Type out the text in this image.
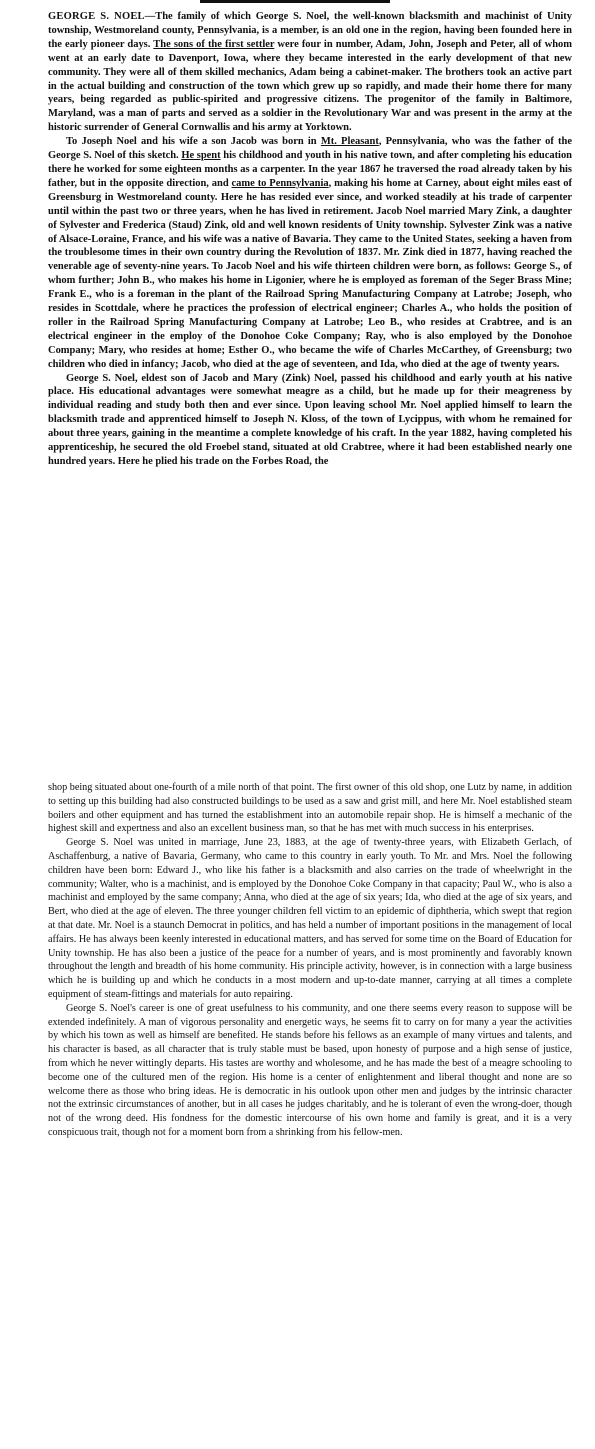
GEORGE S. NOEL—The family of which George S. Noel, the well-known blacksmith and machinist of Unity township, Westmoreland county, Pennsylvania, is a member, is an old one in the region, having been founded here in the early pioneer days. The sons of the first settler were four in number, Adam, John, Joseph and Peter, all of whom went at an early date to Davenport, Iowa, where they became interested in the early development of that new community. They were all of them skilled mechanics, Adam being a cabinet-maker. The brothers took an active part in the actual building and construction of the town which grew up so rapidly, and made their home there for many years, being regarded as public-spirited and progressive citizens. The progenitor of the family in Baltimore, Maryland, was a man of parts and served as a soldier in the Revolutionary War and was present in the army at the historic surrender of General Cornwallis and his army at Yorktown.

To Joseph Noel and his wife a son Jacob was born in Mt. Pleasant, Pennsylvania, who was the father of the George S. Noel of this sketch. He spent his childhood and youth in his native town, and after completing his education there he worked for some eighteen months as a carpenter. In the year 1867 he traversed the road already taken by his father, but in the opposite direction, and came to Pennsylvania, making his home at Carney, about eight miles east of Greensburg in Westmoreland county. Here he has resided ever since, and worked steadily at his trade of carpenter until within the past two or three years, when he has lived in retirement. Jacob Noel married Mary Zink, a daughter of Sylvester and Frederica (Staud) Zink, old and well known residents of Unity township. Sylvester Zink was a native of Alsace-Loraine, France, and his wife was a native of Bavaria. They came to the United States, seeking a haven from the troublesome times in their own country during the Revolution of 1837. Mr. Zink died in 1877, having reached the venerable age of seventy-nine years. To Jacob Noel and his wife thirteen children were born, as follows: George S., of whom further; John B., who makes his home in Ligonier, where he is employed as foreman of the Seger Brass Mine; Frank E., who is a foreman in the plant of the Railroad Spring Manufacturing Company at Latrobe; Joseph, who resides in Scottdale, where he practices the profession of electrical engineer; Charles A., who holds the position of roller in the Railroad Spring Manufacturing Company at Latrobe; Leo B., who resides at Crabtree, and is an electrical engineer in the employ of the Donohoe Coke Company; Ray, who is also employed by the Donohoe Company; Mary, who resides at home; Esther O., who became the wife of Charles McCarthey, of Greensburg; two children who died in infancy; Jacob, who died at the age of seventeen, and Ida, who died at the age of twenty years.

George S. Noel, eldest son of Jacob and Mary (Zink) Noel, passed his childhood and early youth at his native place. His educational advantages were somewhat meagre as a child, but he made up for their meagreness by individual reading and study both then and ever since. Upon leaving school Mr. Noel applied himself to learn the blacksmith trade and apprenticed himself to Joseph N. Kloss, of the town of Lycippus, with whom he remained for about three years, gaining in the meantime a complete knowledge of his craft. In the year 1882, having completed his apprenticeship, he secured the old Froebel stand, situated at old Crabtree, where it had been established nearly one hundred years. Here he plied his trade on the Forbes Road, the

shop being situated about one-fourth of a mile north of that point. The first owner of this old shop, one Lutz by name, in addition to setting up this building had also constructed buildings to be used as a saw and grist mill, and here Mr. Noel established steam boilers and other equipment and has turned the establishment into an automobile repair shop. He is himself a mechanic of the highest skill and expertness and also an excellent business man, so that he has met with much success in his enterprises.

George S. Noel was united in marriage, June 23, 1883, at the age of twenty-three years, with Elizabeth Gerlach, of Aschaffenburg, a native of Bavaria, Germany, who came to this country in early youth. To Mr. and Mrs. Noel the following children have been born: Edward J., who like his father is a blacksmith and also carries on the trade of wheelwright in the community; Walter, who is a machinist, and is employed by the Donohoe Coke Company in that capacity; Paul W., who is also a machinist and employed by the same company; Anna, who died at the age of six years; Ida, who died at the age of six years, and Bert, who died at the age of eleven. The three younger children fell victim to an epidemic of diphtheria, which swept that region at that date. Mr. Noel is a staunch Democrat in politics, and has held a number of important positions in the management of local affairs. He has always been keenly interested in educational matters, and has served for some time on the Board of Education for Unity township. He has also been a justice of the peace for a number of years, and is most prominently and favorably known throughout the length and breadth of his home community. His principle activity, however, is in connection with a large business which he is building up and which he conducts in a most modern and up-to-date manner, carrying at all times a complete equipment of steam-fittings and materials for auto repairing.

George S. Noel's career is one of great usefulness to his community, and one there seems every reason to suppose will be extended indefinitely. A man of vigorous personality and energetic ways, he seems fit to carry on for many a year the activities by which his town as well as himself are benefited. He stands before his fellows as an example of many virtues and talents, and his character is based, as all character that is truly stable must be based, upon honesty of purpose and a high sense of justice, from which he never wittingly departs. His tastes are worthy and wholesome, and he has made the best of a meagre schooling to become one of the cultured men of the region. His home is a center of enlightenment and liberal thought and none are so welcome there as those who bring ideas. He is democratic in his outlook upon other men and judges by the intrinsic character not the extrinsic circumstances of another, but in all cases he judges charitably, and he is tolerant of even the wrong-doer, though not of the wrong deed. His fondness for the domestic intercourse of his own home and family is great, and it is a very conspicuous trait, though not for a moment born from a shrinking from his fellow-men.
